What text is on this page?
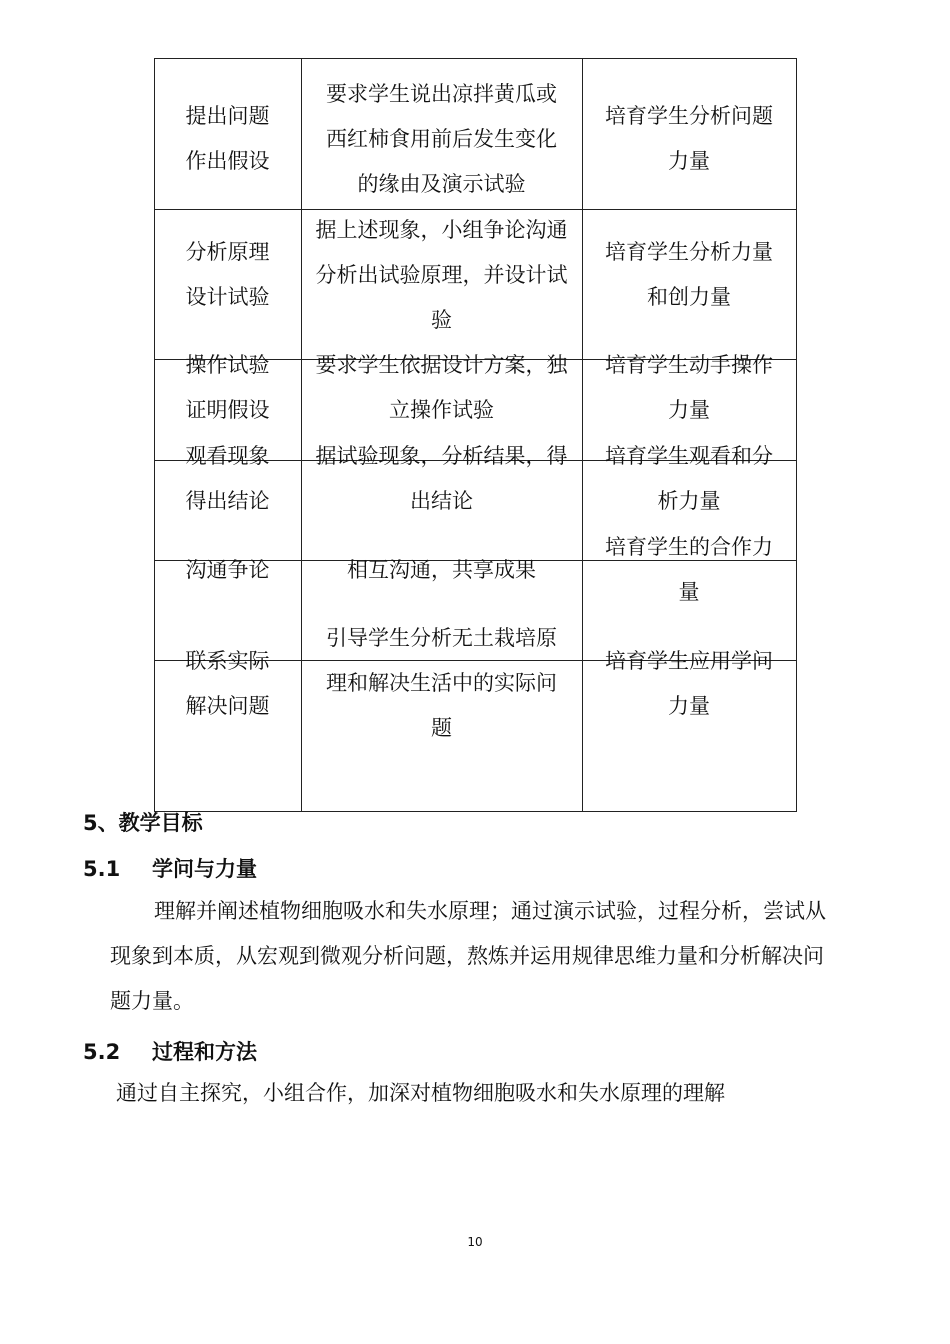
提出问题
作出假设
分析原理
设计试验
操作试验
证明假设
观看现象
得出结论
沟通争论
联系实际
解决问题
要求学生说出凉拌黄瓜或
西红柿食用前后发生变化
的缘由及演示试验
据上述现象，小组争论沟通
分析出试验原理，并设计试
验
要求学生依据设计方案，独
立操作试验
据试验现象，分析结果，得
出结论
相互沟通，共享成果
引导学生分析无土栽培原
理和解决生活中的实际问
题
培育学生分析问题
力量
培育学生分析力量
和创力量
培育学生动手操作
力量
培育学生观看和分
析力量
培育学生的合作力
量
培育学生应用学问
力量
5、教学目标
5.1 学问与力量
理解并阐述植物细胞吸水和失水原理；通过演示试验，过程分析，尝试从
现象到本质，从宏观到微观分析问题，熬炼并运用规律思维力量和分析解决问
题力量。
5.2 过程和方法
通过自主探究，小组合作，加深对植物细胞吸水和失水原理的理解
10
